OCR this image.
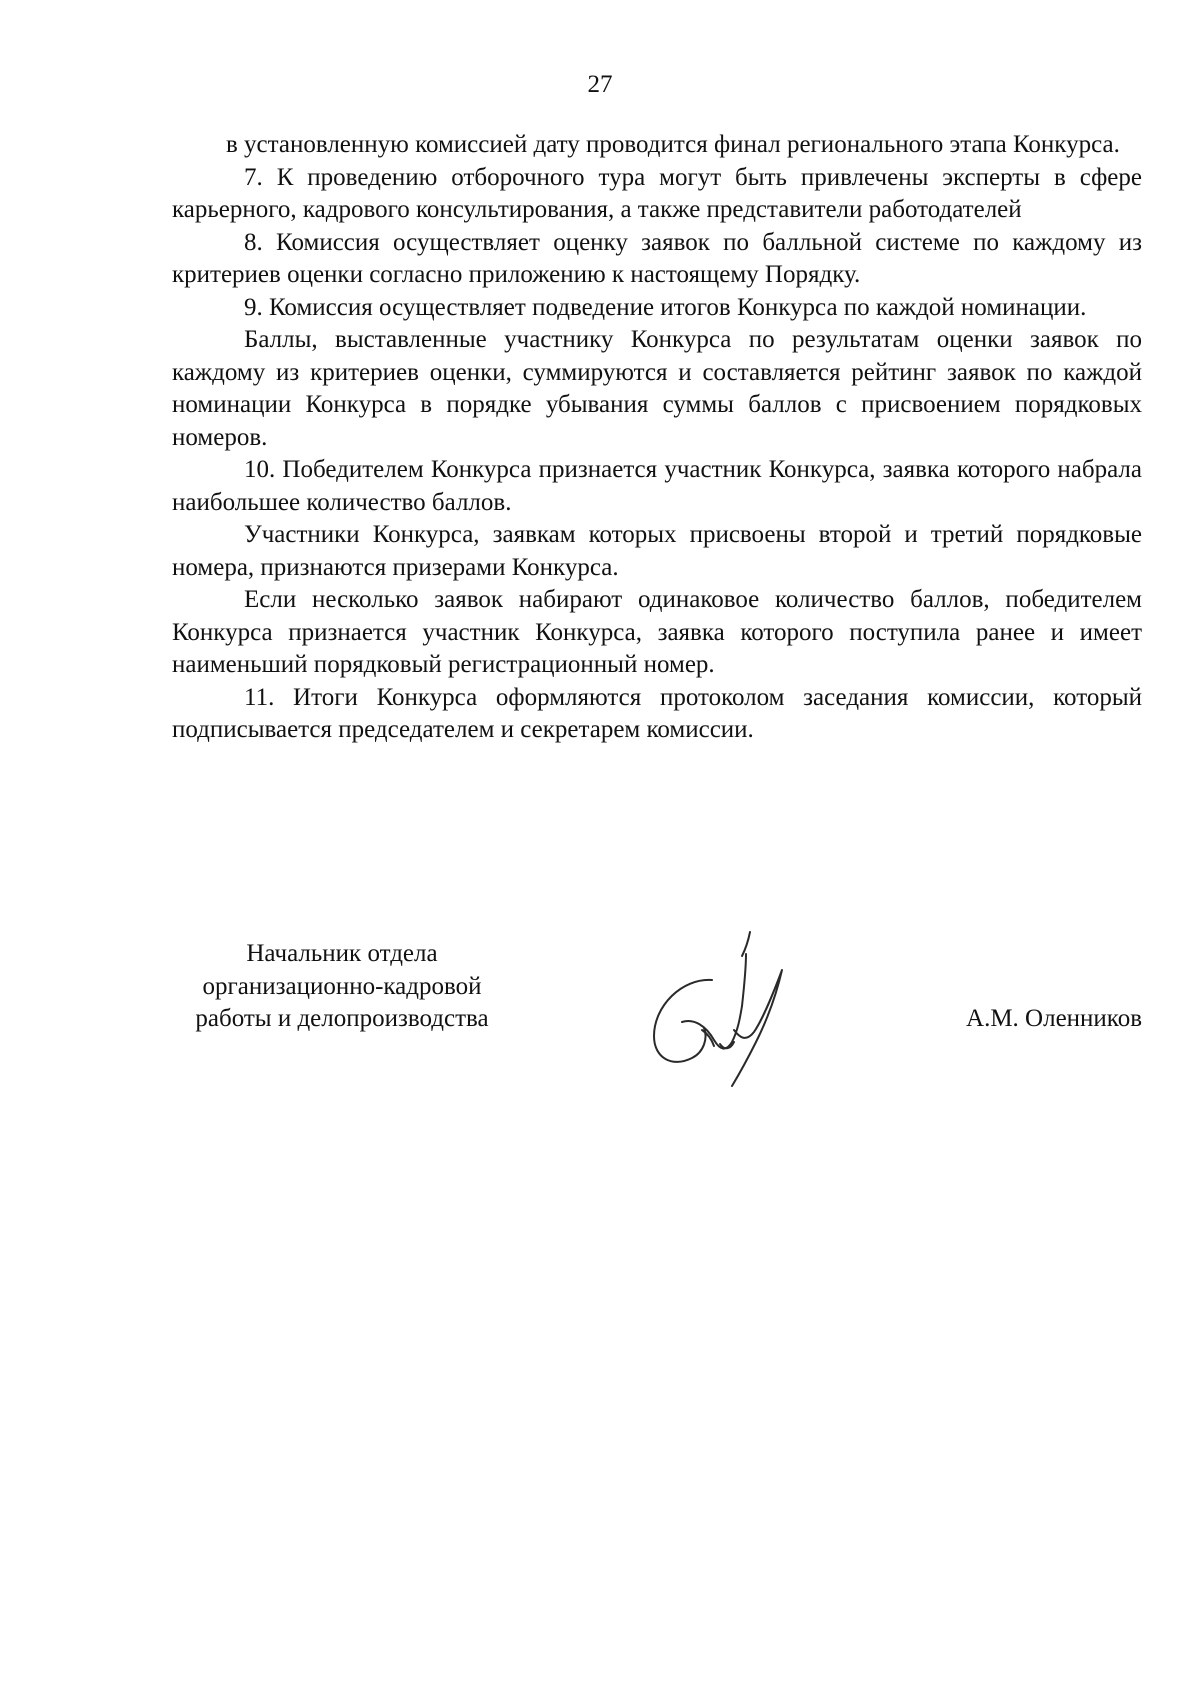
27

в установленную комиссией дату проводится финал регионального этапа Конкурса.

7. К проведению отборочного тура могут быть привлечены эксперты в сфере карьерного, кадрового консультирования, а также представители работодателей

8. Комиссия осуществляет оценку заявок по балльной системе по каждому из критериев оценки согласно приложению к настоящему Порядку.

9. Комиссия осуществляет подведение итогов Конкурса по каждой номинации.

Баллы, выставленные участнику Конкурса по результатам оценки заявок по каждому из критериев оценки, суммируются и составляется рейтинг заявок по каждой номинации Конкурса в порядке убывания суммы баллов с присвоением порядковых номеров.

10. Победителем Конкурса признается участник Конкурса, заявка которого набрала наибольшее количество баллов.

Участники Конкурса, заявкам которых присвоены второй и третий порядковые номера, признаются призерами Конкурса.

Если несколько заявок набирают одинаковое количество баллов, победителем Конкурса признается участник Конкурса, заявка которого поступила ранее и имеет наименьший порядковый регистрационный номер.

11. Итоги Конкурса оформляются протоколом заседания комиссии, который подписывается председателем и секретарем комиссии.

Начальник отдела
организационно-кадровой
работы и делопроизводства	А.М. Оленников
